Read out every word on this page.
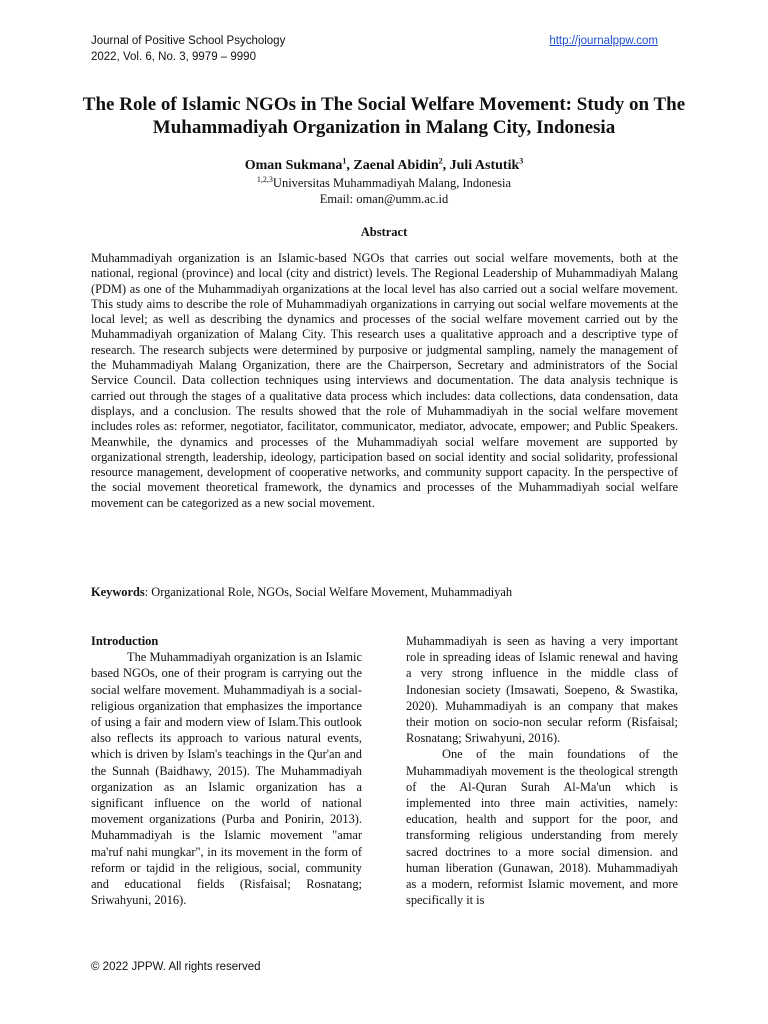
Journal of Positive School Psychology
2022, Vol. 6, No. 3, 9979 – 9990
http://journalppw.com
The Role of Islamic NGOs in The Social Welfare Movement: Study on The Muhammadiyah Organization in Malang City, Indonesia
Oman Sukmana$^1$, Zaenal Abidin$^2$, Juli Astutik$^3$
$^{1,2,3}$Universitas Muhammadiyah Malang, Indonesia
Email: oman@umm.ac.id
Abstract

Muhammadiyah organization is an Islamic-based NGOs that carries out social welfare movements, both at the national, regional (province) and local (city and district) levels. The Regional Leadership of Muhammadiyah Malang (PDM) as one of the Muhammadiyah organizations at the local level has also carried out a social welfare movement. This study aims to describe the role of Muhammadiyah organizations in carrying out social welfare movements at the local level; as well as describing the dynamics and processes of the social welfare movement carried out by the Muhammadiyah organization of Malang City. This research uses a qualitative approach and a descriptive type of research. The research subjects were determined by purposive or judgmental sampling, namely the management of the Muhammadiyah Malang Organization, there are the Chairperson, Secretary and administrators of the Social Service Council. Data collection techniques using interviews and documentation. The data analysis technique is carried out through the stages of a qualitative data process which includes: data collections, data condensation, data displays, and a conclusion. The results showed that the role of Muhammadiyah in the social welfare movement includes roles as: reformer, negotiator, facilitator, communicator, mediator, advocate, empower; and Public Speakers. Meanwhile, the dynamics and processes of the Muhammadiyah social welfare movement are supported by organizational strength, leadership, ideology, participation based on social identity and social solidarity, professional resource management, development of cooperative networks, and community support capacity. In the perspective of the social movement theoretical framework, the dynamics and processes of the Muhammadiyah social welfare movement can be categorized as a new social movement.

Keywords: Organizational Role, NGOs, Social Welfare Movement, Muhammadiyah

Introduction

The Muhammadiyah organization is an Islamic based NGOs, one of their program is carrying out the social welfare movement. Muhammadiyah is a social-religious organization that emphasizes the importance of using a fair and modern view of Islam.This outlook also reflects its approach to various natural events, which is driven by Islam's teachings in the Qur'an and the Sunnah (Baidhawy, 2015). The Muhammadiyah organization as an Islamic organization has a significant influence on the world of national movement organizations (Purba and Ponirin, 2013). Muhammadiyah is the Islamic movement "amar ma'ruf nahi mungkar", in its movement in the form of reform or tajdid in the religious, social, community and educational fields (Risfaisal; Rosnatang; Sriwahyuni, 2016).

Muhammadiyah is seen as having a very important role in spreading ideas of Islamic renewal and having a very strong influence in the middle class of Indonesian society (Imsawati, Soepeno, & Swastika, 2020). Muhammadiyah is an company that makes their motion on socio-non secular reform (Risfaisal; Rosnatang; Sriwahyuni, 2016).

One of the main foundations of the Muhammadiyah movement is the theological strength of the Al-Quran Surah Al-Ma'un which is implemented into three main activities, namely: education, health and support for the poor, and transforming religious understanding from merely sacred doctrines to a more social dimension. and human liberation (Gunawan, 2018). Muhammadiyah as a modern, reformist Islamic movement, and more specifically it is

© 2022 JPPW. All rights reserved
